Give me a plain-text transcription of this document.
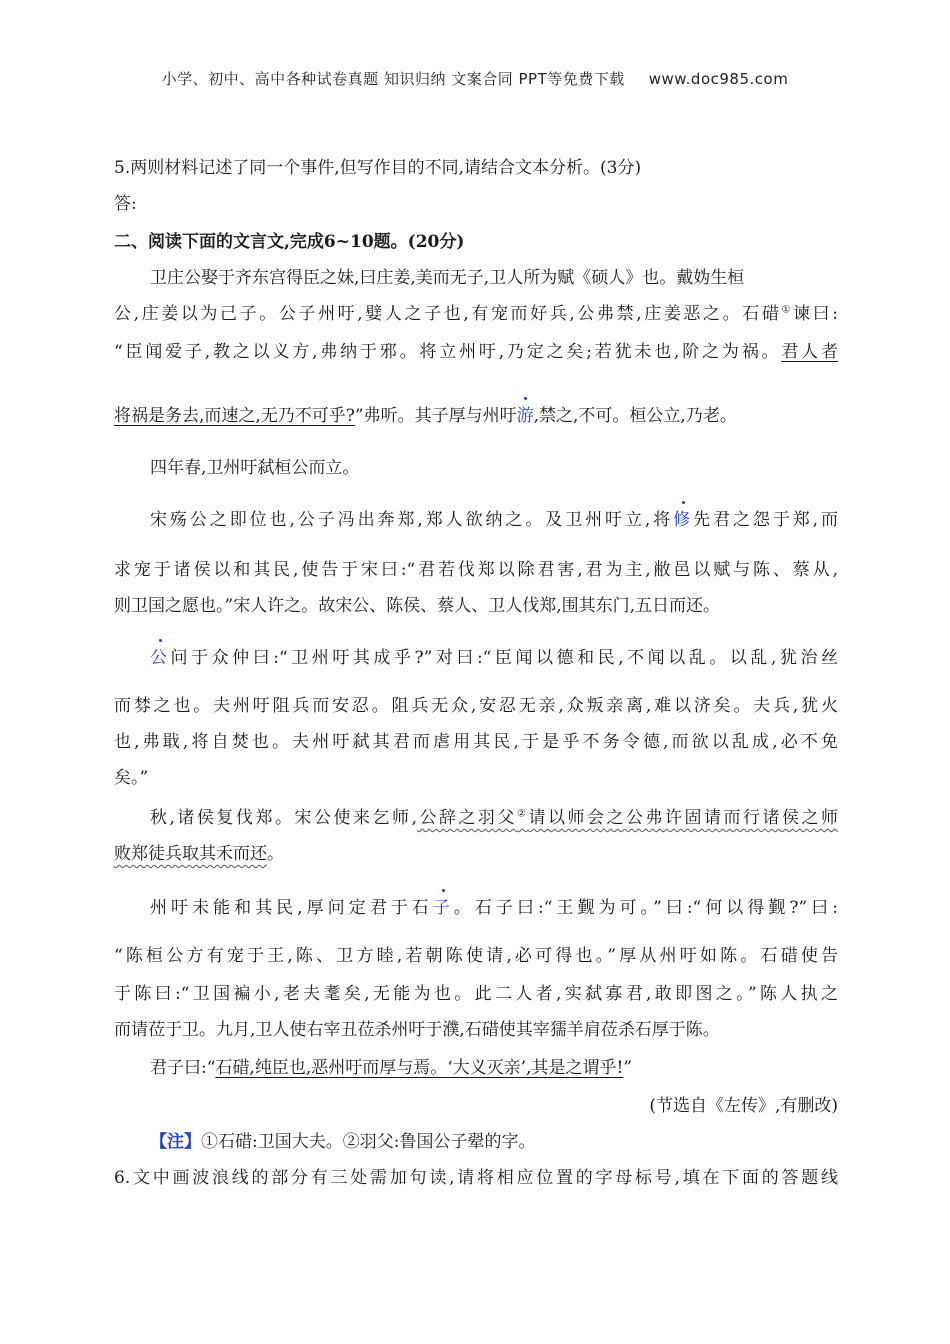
小学、初中、高中各种试卷真题 知识归纳 文案合同 PPT等免费下载 www.doc985.com
5.两则材料记述了同一个事件,但写作目的不同,请结合文本分析。(3分)
答:
二、阅读下面的文言文,完成6~10题。(20分)
卫庄公娶于齐东宫得臣之妹,曰庄姜,美而无子,卫人所为赋《硕人》也。戴妫生桓
公,庄姜以为己子。公子州吁,嬖人之子也,有宠而好兵,公弗禁,庄姜恶之。石碏①谏曰:
“臣闻爱子,教之以义方,弗纳于邪。将立州吁,乃定之矣;若犹未也,阶之为祸。君人者
将祸是务去,而速之,无乃不可乎?”弗听。其子厚与州吁
游,禁之,不可。桓公立,乃老。
四年春,卫州吁弑桓公而立。
宋殇公之即位也,公子冯出奔郑,郑人欲纳之。及卫州吁立,将
修先君之怨于郑,而
求宠于诸侯以和其民,使告于宋曰:“君若伐郑以除君害,君为主,敝邑以赋与陈、蔡从,
则卫国之愿也。”宋人许之。故宋公、陈侯、蔡人、卫人伐郑,围其东门,五日而还。
公问于众仲曰:“卫州吁其成乎?”对曰:“臣闻以德和民,不闻以乱。以乱,犹治丝
而棼之也。夫州吁阻兵而安忍。阻兵无众,安忍无亲,众叛亲离,难以济矣。夫兵,犹火
也,弗戢,将自焚也。夫州吁弑其君而虐用其民,于是乎不务令德,而欲以乱成,必不免
矣。”
秋,诸侯复伐郑。宋公使来乞师,公辞之羽父②请以师会之公弗许固请而行诸侯之师
败郑徒兵取其禾而还。
州吁未能和其民,厚问定君于石
子。石子曰:“王觐为可。”曰:“何以得觐?”曰:
“陈桓公方有宠于王,陈、卫方睦,若朝陈使请,必可得也。”厚从州吁如陈。石碏使告
于陈曰:“卫国褊小,老夫耄矣,无能为也。此二人者,实弑寡君,敢即图之。”陈人执之
而请莅于卫。九月,卫人使右宰丑莅杀州吁于濮,石碏使其宰獳羊肩莅杀石厚于陈。
君子曰:“石碏,纯臣也,恶州吁而厚与焉。‘大义灭亲’,其是之谓乎!”
(节选自《左传》,有删改)
【注】①石碏:卫国大夫。②羽父:鲁国公子翚的字。
6.文中画波浪线的部分有三处需加句读,请将相应位置的字母标号,填在下面的答题线
